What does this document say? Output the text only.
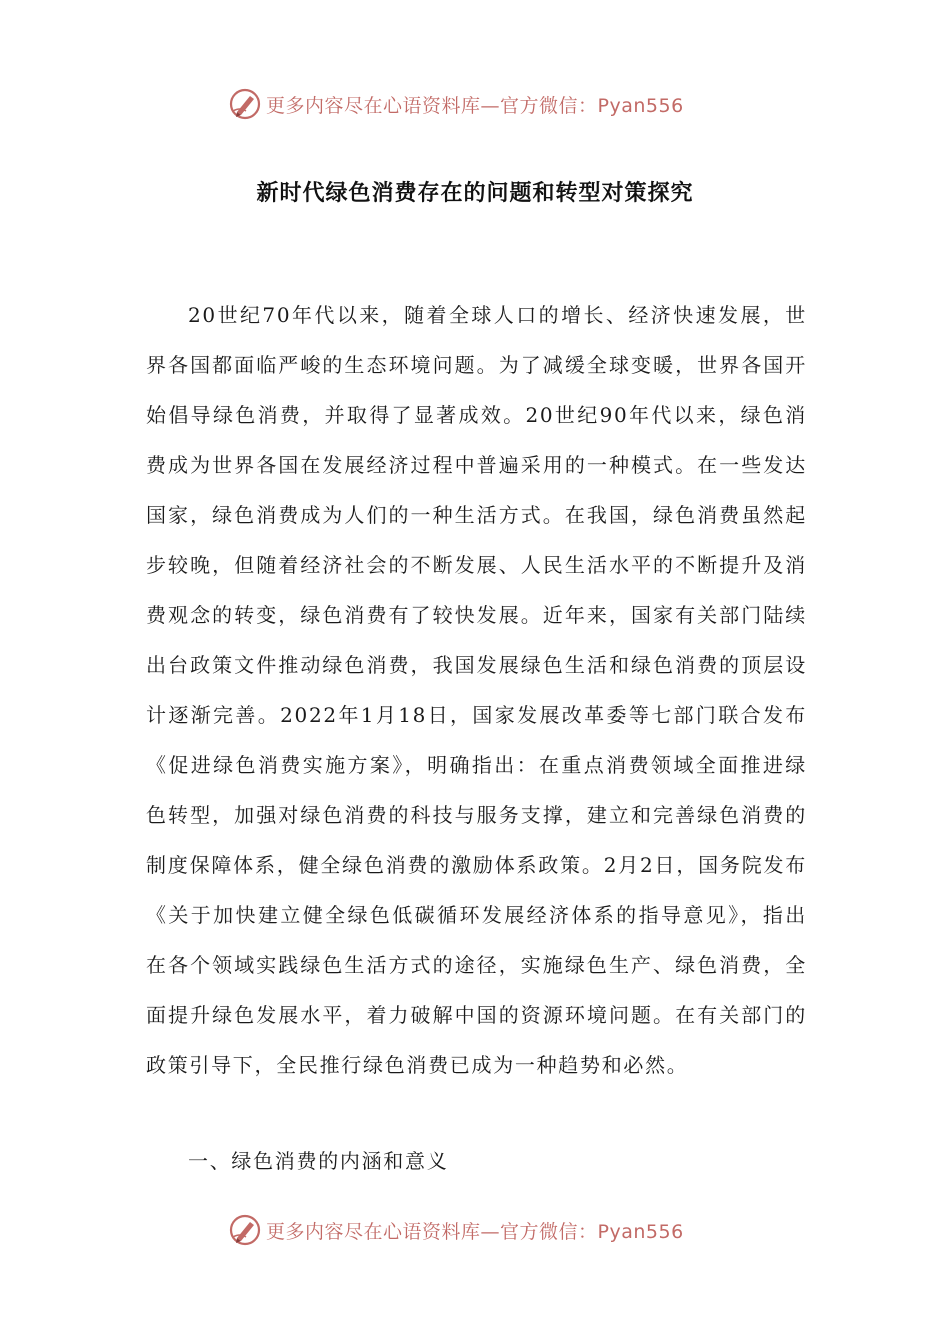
更多内容尽在心语资料库—官方微信：Pyan556
新时代绿色消费存在的问题和转型对策探究

20世纪70年代以来，随着全球人口的增长、经济快速发展，世界各国都面临严峻的生态环境问题。为了减缓全球变暖，世界各国开始倡导绿色消费，并取得了显著成效。20世纪90年代以来，绿色消费成为世界各国在发展经济过程中普遍采用的一种模式。在一些发达国家，绿色消费成为人们的一种生活方式。在我国，绿色消费虽然起步较晚，但随着经济社会的不断发展、人民生活水平的不断提升及消费观念的转变，绿色消费有了较快发展。近年来，国家有关部门陆续出台政策文件推动绿色消费，我国发展绿色生活和绿色消费的顶层设计逐渐完善。2022年1月18日，国家发展改革委等七部门联合发布《促进绿色消费实施方案》，明确指出：在重点消费领域全面推进绿色转型，加强对绿色消费的科技与服务支撑，建立和完善绿色消费的制度保障体系，健全绿色消费的激励体系政策。2月2日，国务院发布《关于加快建立健全绿色低碳循环发展经济体系的指导意见》，指出在各个领域实践绿色生活方式的途径，实施绿色生产、绿色消费，全面提升绿色发展水平，着力破解中国的资源环境问题。在有关部门的政策引导下，全民推行绿色消费已成为一种趋势和必然。

一、绿色消费的内涵和意义

更多内容尽在心语资料库—官方微信：Pyan556
